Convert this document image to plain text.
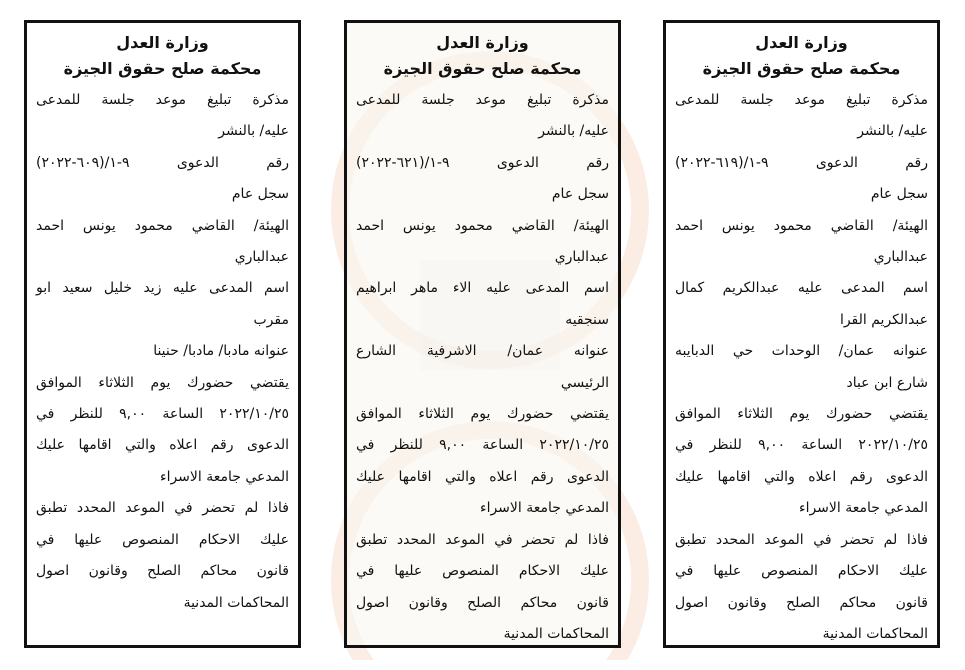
وزارة العدل
محكمة صلح حقوق الجيزة
مذكرة تبليغ موعد جلسة للمدعى
عليه/ بالنشر
رقم الدعوى ٩-١/(٦٠٩-٢٠٢٢)
سجل عام
الهيئة/ القاضي محمود يونس احمد
عبدالباري
اسم المدعى عليه زيد خليل سعيد ابو
مقرب
عنوانه مادبا/ مادبا/ حنينا
يقتضي حضورك يوم الثلاثاء الموافق
٢٠٢٢/١٠/٢٥ الساعة ٩,٠٠ للنظر في
الدعوى رقم اعلاه والتي اقامها عليك
المدعي جامعة الاسراء
فاذا لم تحضر في الموعد المحدد تطبق
عليك الاحكام المنصوص عليها في
قانون محاكم الصلح وقانون اصول
المحاكمات المدنية
وزارة العدل
محكمة صلح حقوق الجيزة
مذكرة تبليغ موعد جلسة للمدعى
عليه/ بالنشر
رقم الدعوى ٩-١/(٦٢١-٢٠٢٢)
سجل عام
الهيئة/ القاضي محمود يونس احمد
عبدالباري
اسم المدعى عليه الاء ماهر ابراهيم
سنجقيه
عنوانه عمان/ الاشرفية الشارع
الرئيسي
يقتضي حضورك يوم الثلاثاء الموافق
٢٠٢٢/١٠/٢٥ الساعة ٩,٠٠ للنظر في
الدعوى رقم اعلاه والتي اقامها عليك
المدعي جامعة الاسراء
فاذا لم تحضر في الموعد المحدد تطبق
عليك الاحكام المنصوص عليها في
قانون محاكم الصلح وقانون اصول
المحاكمات المدنية
وزارة العدل
محكمة صلح حقوق الجيزة
مذكرة تبليغ موعد جلسة للمدعى
عليه/ بالنشر
رقم الدعوى ٩-١/(٦١٩-٢٠٢٢)
سجل عام
الهيئة/ القاضي محمود يونس احمد
عبدالباري
اسم المدعى عليه عبدالكريم كمال
عبدالكريم القرا
عنوانه عمان/ الوحدات حي الدبايبه
شارع ابن عباد
يقتضي حضورك يوم الثلاثاء الموافق
٢٠٢٢/١٠/٢٥ الساعة ٩,٠٠ للنظر في
الدعوى رقم اعلاه والتي اقامها عليك
المدعي جامعة الاسراء
فاذا لم تحضر في الموعد المحدد تطبق
عليك الاحكام المنصوص عليها في
قانون محاكم الصلح وقانون اصول
المحاكمات المدنية
